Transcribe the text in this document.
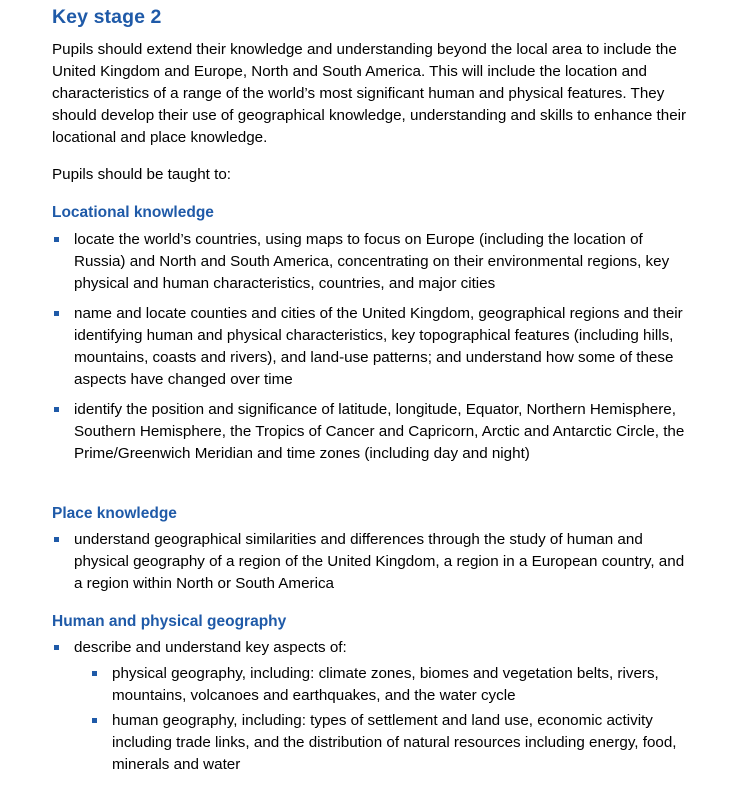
Key stage 2

Pupils should extend their knowledge and understanding beyond the local area to include the United Kingdom and Europe, North and South America. This will include the location and characteristics of a range of the world’s most significant human and physical features. They should develop their use of geographical knowledge, understanding and skills to enhance their locational and place knowledge.

Pupils should be taught to:

Locational knowledge
locate the world’s countries, using maps to focus on Europe (including the location of Russia) and North and South America, concentrating on their environmental regions, key physical and human characteristics, countries, and major cities
name and locate counties and cities of the United Kingdom, geographical regions and their identifying human and physical characteristics, key topographical features (including hills, mountains, coasts and rivers), and land-use patterns; and understand how some of these aspects have changed over time
identify the position and significance of latitude, longitude, Equator, Northern Hemisphere, Southern Hemisphere, the Tropics of Cancer and Capricorn, Arctic and Antarctic Circle, the Prime/Greenwich Meridian and time zones (including day and night)
Place knowledge
understand geographical similarities and differences through the study of human and physical geography of a region of the United Kingdom, a region in a European country, and a region within North or South America
Human and physical geography
describe and understand key aspects of:
physical geography, including: climate zones, biomes and vegetation belts, rivers, mountains, volcanoes and earthquakes, and the water cycle
human geography, including: types of settlement and land use, economic activity including trade links, and the distribution of natural resources including energy, food, minerals and water
